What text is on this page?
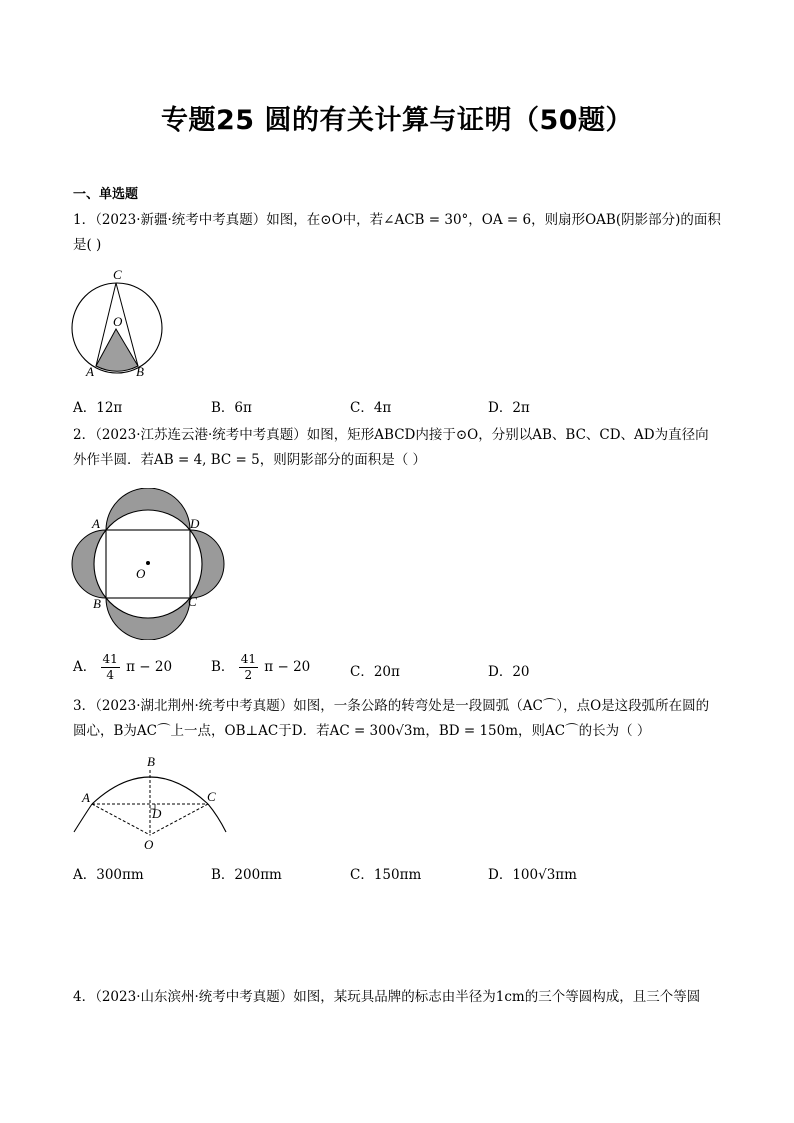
专题25 圆的有关计算与证明（50题）
一、单选题
1．（2023·新疆·统考中考真题）如图，在⊙O中，若∠ACB = 30°，OA = 6，则扇形OAB(阴影部分)的面积
是( )
C
O
A	B
A．12π	B．6π	C．4π	D．2π
2．（2023·江苏连云港·统考中考真题）如图，矩形ABCD内接于⊙O，分别以AB、BC、CD、AD为直径向
外作半圆．若AB = 4, BC = 5，则阴影部分的面积是（ ）
A	D
B	C
O
A． $\frac{41}{4}$ π − 20	B． $\frac{41}{2}$ π − 20	C．20π	D．20
3．（2023·湖北荆州·统考中考真题）如图，一条公路的转弯处是一段圆弧（AC⌒），点O是这段弧所在圆的
圆心，B为AC⌒上一点，OB⊥AC于D．若AC = 300√3m，BD = 150m，则AC⌒的长为（ ）
B
A	C
D
O
A．300πm	B．200πm	C．150πm	D．100√3πm
4．（2023·山东滨州·统考中考真题）如图，某玩具品牌的标志由半径为1cm的三个等圆构成，且三个等圆
